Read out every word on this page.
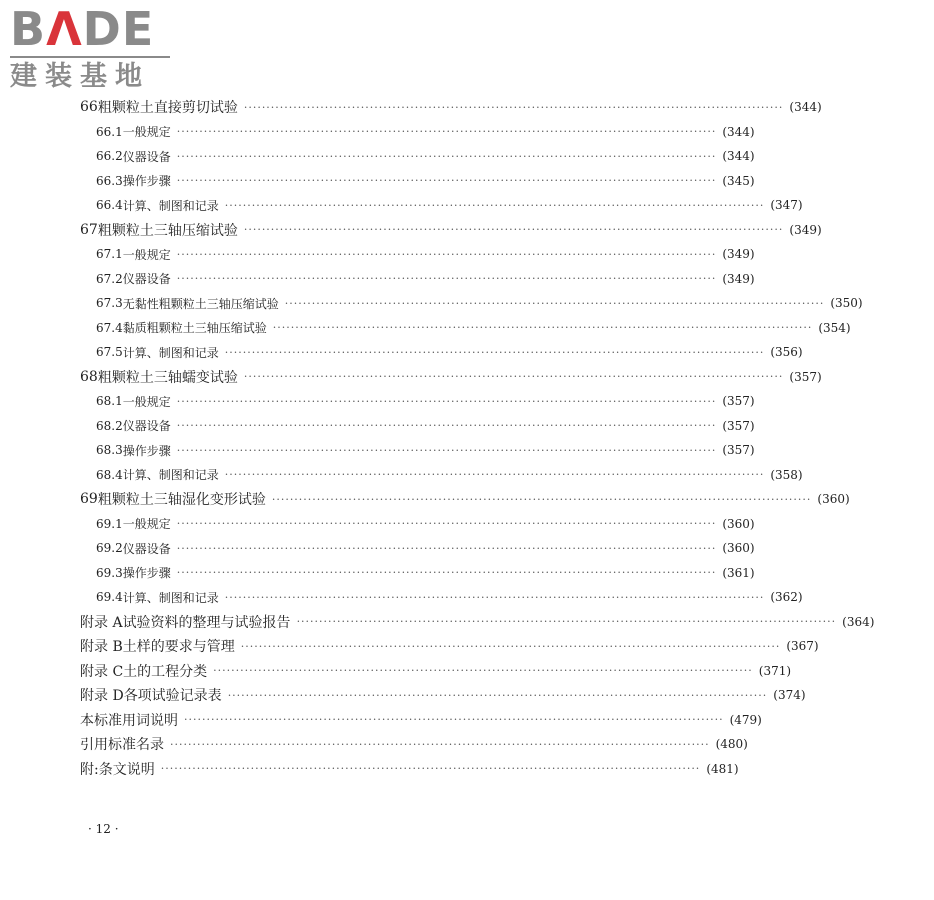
BΛDE
建装基地
66 粗颗粒土直接剪切试验 ························································································································ (344)
66.1 一般规定 ························································································································ (344)
66.2 仪器设备 ························································································································ (344)
66.3 操作步骤 ························································································································ (345)
66.4 计算、制图和记录 ························································································································ (347)
67 粗颗粒土三轴压缩试验 ························································································································ (349)
67.1 一般规定 ························································································································ (349)
67.2 仪器设备 ························································································································ (349)
67.3 无黏性粗颗粒土三轴压缩试验 ························································································································ (350)
67.4 黏质粗颗粒土三轴压缩试验 ························································································································ (354)
67.5 计算、制图和记录 ························································································································ (356)
68 粗颗粒土三轴蠕变试验 ························································································································ (357)
68.1 一般规定 ························································································································ (357)
68.2 仪器设备 ························································································································ (357)
68.3 操作步骤 ························································································································ (357)
68.4 计算、制图和记录 ························································································································ (358)
69 粗颗粒土三轴湿化变形试验 ························································································································ (360)
69.1 一般规定 ························································································································ (360)
69.2 仪器设备 ························································································································ (360)
69.3 操作步骤 ························································································································ (361)
69.4 计算、制图和记录 ························································································································ (362)
附录 A 试验资料的整理与试验报告 ························································································································ (364)
附录 B 土样的要求与管理 ························································································································ (367)
附录 C 土的工程分类 ························································································································ (371)
附录 D 各项试验记录表 ························································································································ (374)
本标准用词说明 ························································································································ (479)
引用标准名录 ························································································································ (480)
附:条文说明 ························································································································ (481)
· 12 ·
